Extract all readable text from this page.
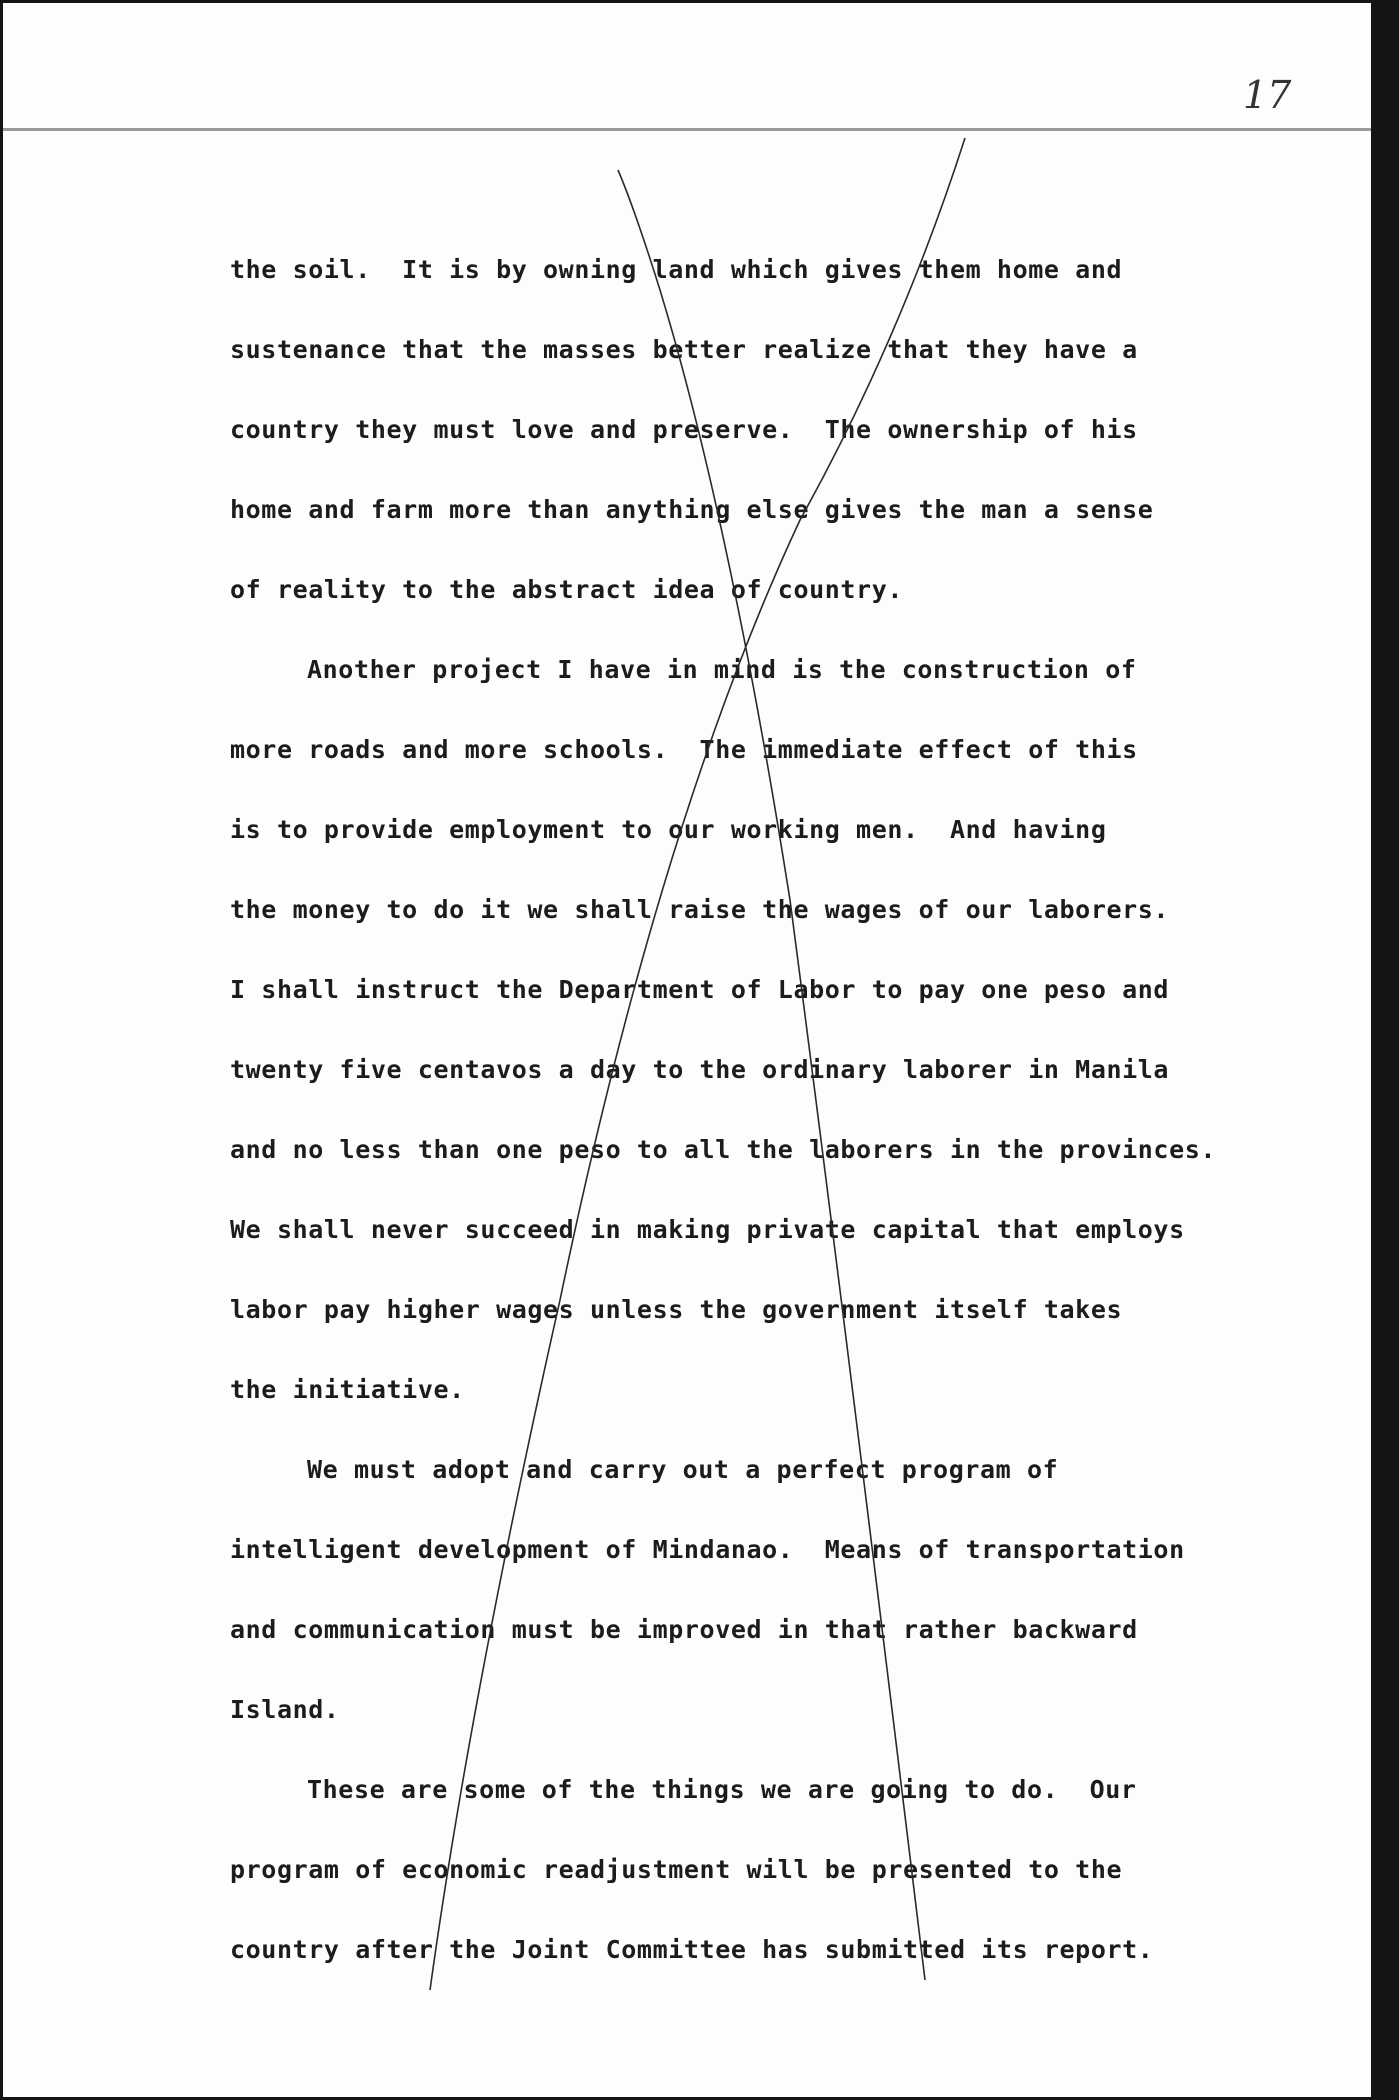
17
the soil.  It is by owning land which gives them home and
sustenance that the masses better realize that they have a
country they must love and preserve.  The ownership of his
home and farm more than anything else gives the man a sense
of reality to the abstract idea of country.
Another project I have in mind is the construction of
more roads and more schools.  The immediate effect of this
is to provide employment to our working men.  And having
the money to do it we shall raise the wages of our laborers.
I shall instruct the Department of Labor to pay one peso and
twenty five centavos a day to the ordinary laborer in Manila
and no less than one peso to all the laborers in the provinces.
We shall never succeed in making private capital that employs
labor pay higher wages unless the government itself takes
the initiative.
We must adopt and carry out a perfect program of
intelligent development of Mindanao.  Means of transportation
and communication must be improved in that rather backward
Island.
These are some of the things we are going to do.  Our
program of economic readjustment will be presented to the
country after the Joint Committee has submitted its report.
